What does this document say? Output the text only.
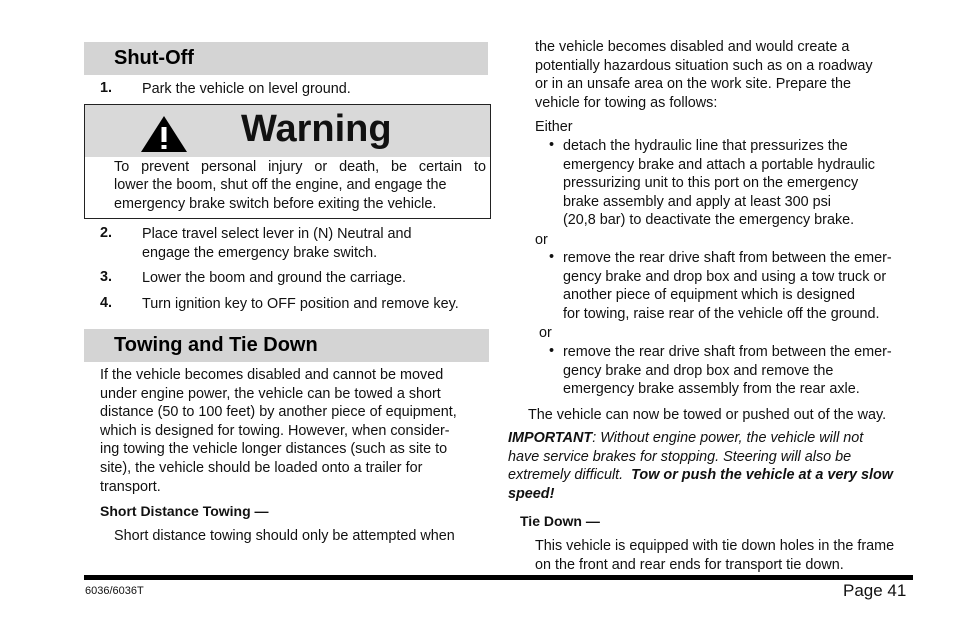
Shut-Off
1. Park the vehicle on level ground.
Warning
To prevent personal injury or death, be certain to
lower the boom, shut off the engine, and engage the
emergency brake switch before exiting the vehicle.
2. Place travel select lever in (N) Neutral and
engage the emergency brake switch.
3. Lower the boom and ground the carriage.
4. Turn ignition key to OFF position and remove key.
Towing and Tie Down
If the vehicle becomes disabled and cannot be moved
under engine power, the vehicle can be towed a short
distance (50 to 100 feet) by another piece of equipment,
which is designed for towing. However, when consider-
ing towing the vehicle longer distances (such as site to
site), the vehicle should be loaded onto a trailer for
transport.
Short Distance Towing —
Short distance towing should only be attempted when
the vehicle becomes disabled and would create a
potentially hazardous situation such as on a roadway
or in an unsafe area on the work site. Prepare the
vehicle for towing as follows:
Either
• detach the hydraulic line that pressurizes the
emergency brake and attach a portable hydraulic
pressurizing unit to this port on the emergency
brake assembly and apply at least 300 psi
(20,8 bar) to deactivate the emergency brake.
or
• remove the rear drive shaft from between the emer-
gency brake and drop box and using a tow truck or
another piece of equipment which is designed
for towing, raise rear of the vehicle off the ground.
or
• remove the rear drive shaft from between the emer-
gency brake and drop box and remove the
emergency brake assembly from the rear axle.
The vehicle can now be towed or pushed out of the way.
IMPORTANT: Without engine power, the vehicle will not
have service brakes for stopping. Steering will also be
extremely difficult.  Tow or push the vehicle at a very slow
speed!
Tie Down —
This vehicle is equipped with tie down holes in the frame
on the front and rear ends for transport tie down.
6036/6036T	Page 41
